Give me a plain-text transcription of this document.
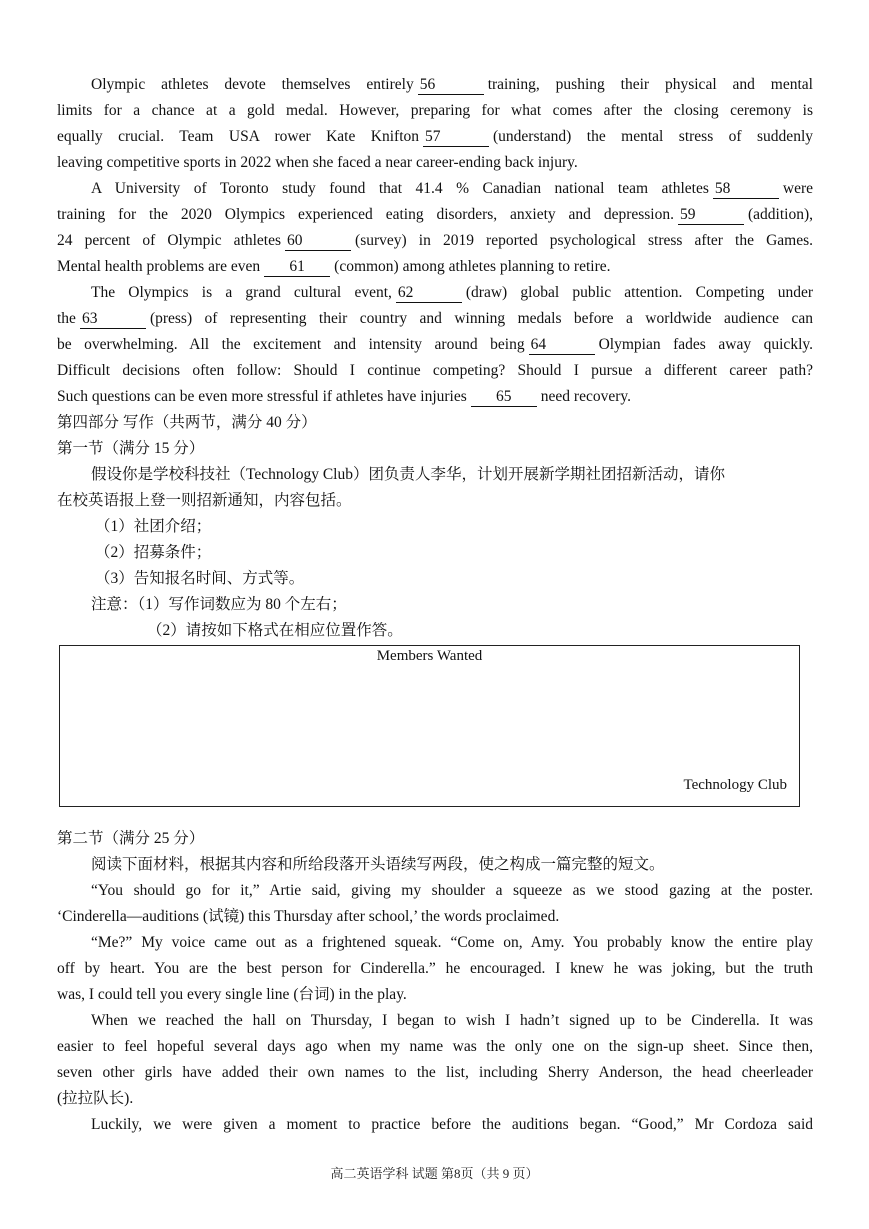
Olympic athletes devote themselves entirely 56	training, pushing their physical and mental
limits for a chance at a gold medal. However, preparing for what comes after the closing ceremony is
equally crucial. Team USA rower Kate Knifton 57	(understand) the mental stress of suddenly
leaving competitive sports in 2022 when she faced a near career-ending back injury.
A University of Toronto study found that 41.4 % Canadian national team athletes 58	were
training for the 2020 Olympics experienced eating disorders, anxiety and depression. 59	(addition),
24 percent of Olympic athletes 60	(survey) in 2019 reported psychological stress after the Games.
Mental health problems are even 61 (common) among athletes planning to retire.
The Olympics is a grand cultural event, 62	(draw) global public attention. Competing under
the 63	(press) of representing their country and winning medals before a worldwide audience can
be overwhelming. All the excitement and intensity around being 64	Olympian fades away quickly.
Difficult decisions often follow: Should I continue competing? Should I pursue a different career path?
Such questions can be even more stressful if athletes have injuries 65 need recovery.
第四部分 写作（共两节，满分 40 分）
第一节（满分 15 分）
假设你是学校科技社（Technology Club）团负责人李华，计划开展新学期社团招新活动，请你
在校英语报上登一则招新通知，内容包括。
（1）社团介绍；
（2）招募条件；
（3）告知报名时间、方式等。
注意：（1）写作词数应为 80 个左右；
（2）请按如下格式在相应位置作答。
Members Wanted
Technology Club
第二节（满分 25 分）
阅读下面材料，根据其内容和所给段落开头语续写两段，使之构成一篇完整的短文。
“You should go for it,” Artie said, giving my shoulder a squeeze as we stood gazing at the poster.
‘Cinderella—auditions (试镜) this Thursday after school,’ the words proclaimed.
“Me?” My voice came out as a frightened squeak. “Come on, Amy. You probably know the entire play
off by heart. You are the best person for Cinderella.” he encouraged. I knew he was joking, but the truth
was, I could tell you every single line (台词) in the play.
When we reached the hall on Thursday, I began to wish I hadn’t signed up to be Cinderella. It was
easier to feel hopeful several days ago when my name was the only one on the sign-up sheet. Since then,
seven other girls have added their own names to the list, including Sherry Anderson, the head cheerleader
(拉拉队长).
Luckily, we were given a moment to practice before the auditions began. “Good,” Mr Cordoza said
高二英语学科 试题 第8页（共 9 页）
